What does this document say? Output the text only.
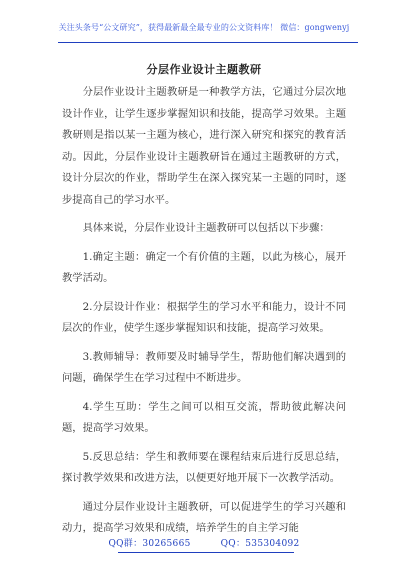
关注头条号“公文研究”，获得最新最全最专业的公文资料库！ 微信：gongwenyj
分层作业设计主题教研

分层作业设计主题教研是一种教学方法，它通过分层次地设计作业，让学生逐步掌握知识和技能，提高学习效果。主题教研则是指以某一主题为核心，进行深入研究和探究的教育活动。因此，分层作业设计主题教研旨在通过主题教研的方式，设计分层次的作业，帮助学生在深入探究某一主题的同时，逐步提高自己的学习水平。

具体来说，分层作业设计主题教研可以包括以下步骤：

1.确定主题：确定一个有价值的主题，以此为核心，展开教学活动。

2.分层设计作业：根据学生的学习水平和能力，设计不同层次的作业，使学生逐步掌握知识和技能，提高学习效果。

3.教师辅导：教师要及时辅导学生，帮助他们解决遇到的问题，确保学生在学习过程中不断进步。

4.学生互助：学生之间可以相互交流，帮助彼此解决问题，提高学习效果。

5.反思总结：学生和教师要在课程结束后进行反思总结，探讨教学效果和改进方法，以便更好地开展下一次教学活动。

通过分层作业设计主题教研，可以促进学生的学习兴趣和动力，提高学习效果和成绩，培养学生的自主学习能

QQ群：30265665	QQ：535304092
